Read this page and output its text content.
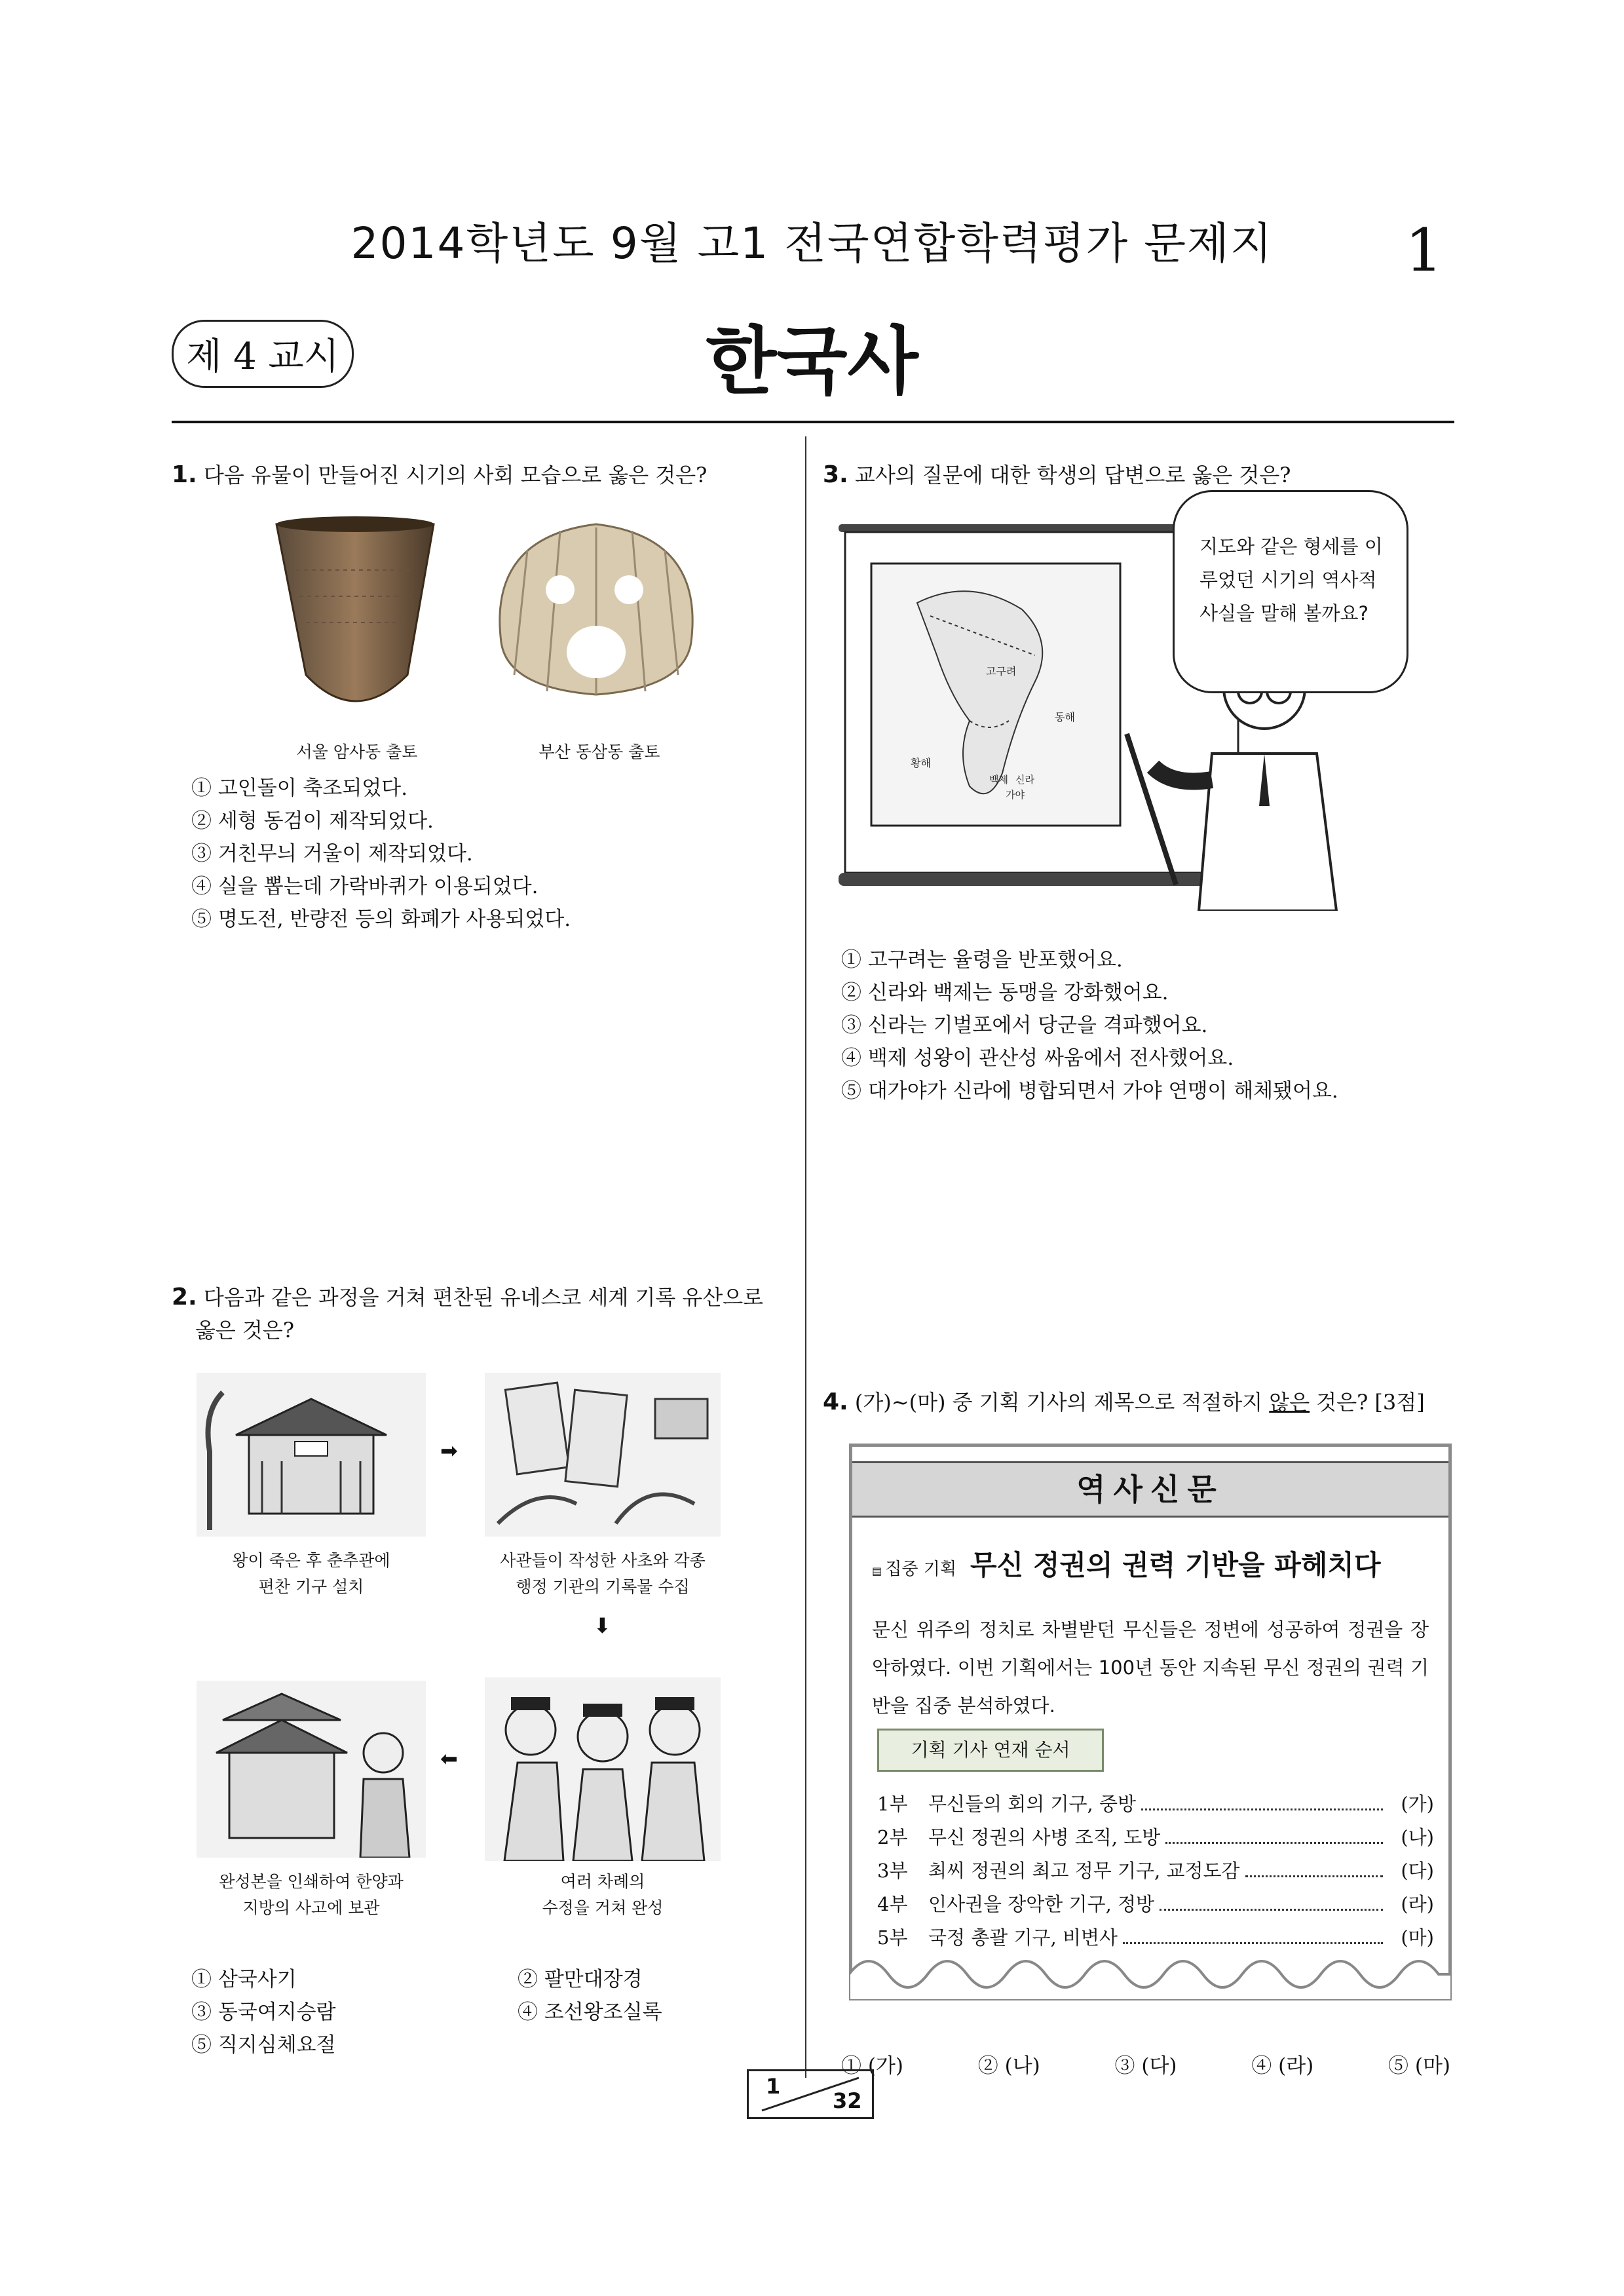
2014학년도 9월 고1 전국연합학력평가 문제지	1
제 4 교시	한국사
1. 다음 유물이 만들어진 시기의 사회 모습으로 옳은 것은?
서울 암사동 출토	부산 동삼동 출토
① 고인돌이 축조되었다.
② 세형 동검이 제작되었다.
③ 거친무늬 거울이 제작되었다.
④ 실을 뽑는데 가락바퀴가 이용되었다.
⑤ 명도전, 반량전 등의 화폐가 사용되었다.
2. 다음과 같은 과정을 거쳐 편찬된 유네스코 세계 기록 유산으로
옳은 것은?
➡
왕이 죽은 후 춘추관에
편찬 기구 설치
사관들이 작성한 사초와 각종
행정 기관의 기록물 수집
⬇
⬅
완성본을 인쇄하여 한양과
지방의 사고에 보관
여러 차례의
수정을 거쳐 완성
① 삼국사기
③ 동국여지승람
⑤ 직지심체요절
② 팔만대장경
④ 조선왕조실록
3. 교사의 질문에 대한 학생의 답변으로 옳은 것은?
고구려
동해
황해
백제 신라
가야
지도와 같은 형세를 이
루었던 시기의 역사적
사실을 말해 볼까요?
① 고구려는 율령을 반포했어요.
② 신라와 백제는 동맹을 강화했어요.
③ 신라는 기벌포에서 당군을 격파했어요.
④ 백제 성왕이 관산성 싸움에서 전사했어요.
⑤ 대가야가 신라에 병합되면서 가야 연맹이 해체됐어요.
4. (가)~(마) 중 기획 기사의 제목으로 적절하지 않은 것은? [3점]
역사신문
▤ 집중 기획 무신 정권의 권력 기반을 파헤치다
문신 위주의 정치로 차별받던 무신들은 정변에 성공하여 정권을 장악하였다. 이번 기획에서는 100년 동안 지속된 무신 정권의 권력 기반을 집중 분석하였다.
기획 기사 연재 순서
1부	무신들의 회의 기구, 중방	(가)
2부	무신 정권의 사병 조직, 도방	(나)
3부	최씨 정권의 최고 정무 기구, 교정도감	(다)
4부	인사권을 장악한 기구, 정방	(라)
5부	국정 총괄 기구, 비변사	(마)
① (가)	② (나)	③ (다)	④ (라)	⑤ (마)
1
32
